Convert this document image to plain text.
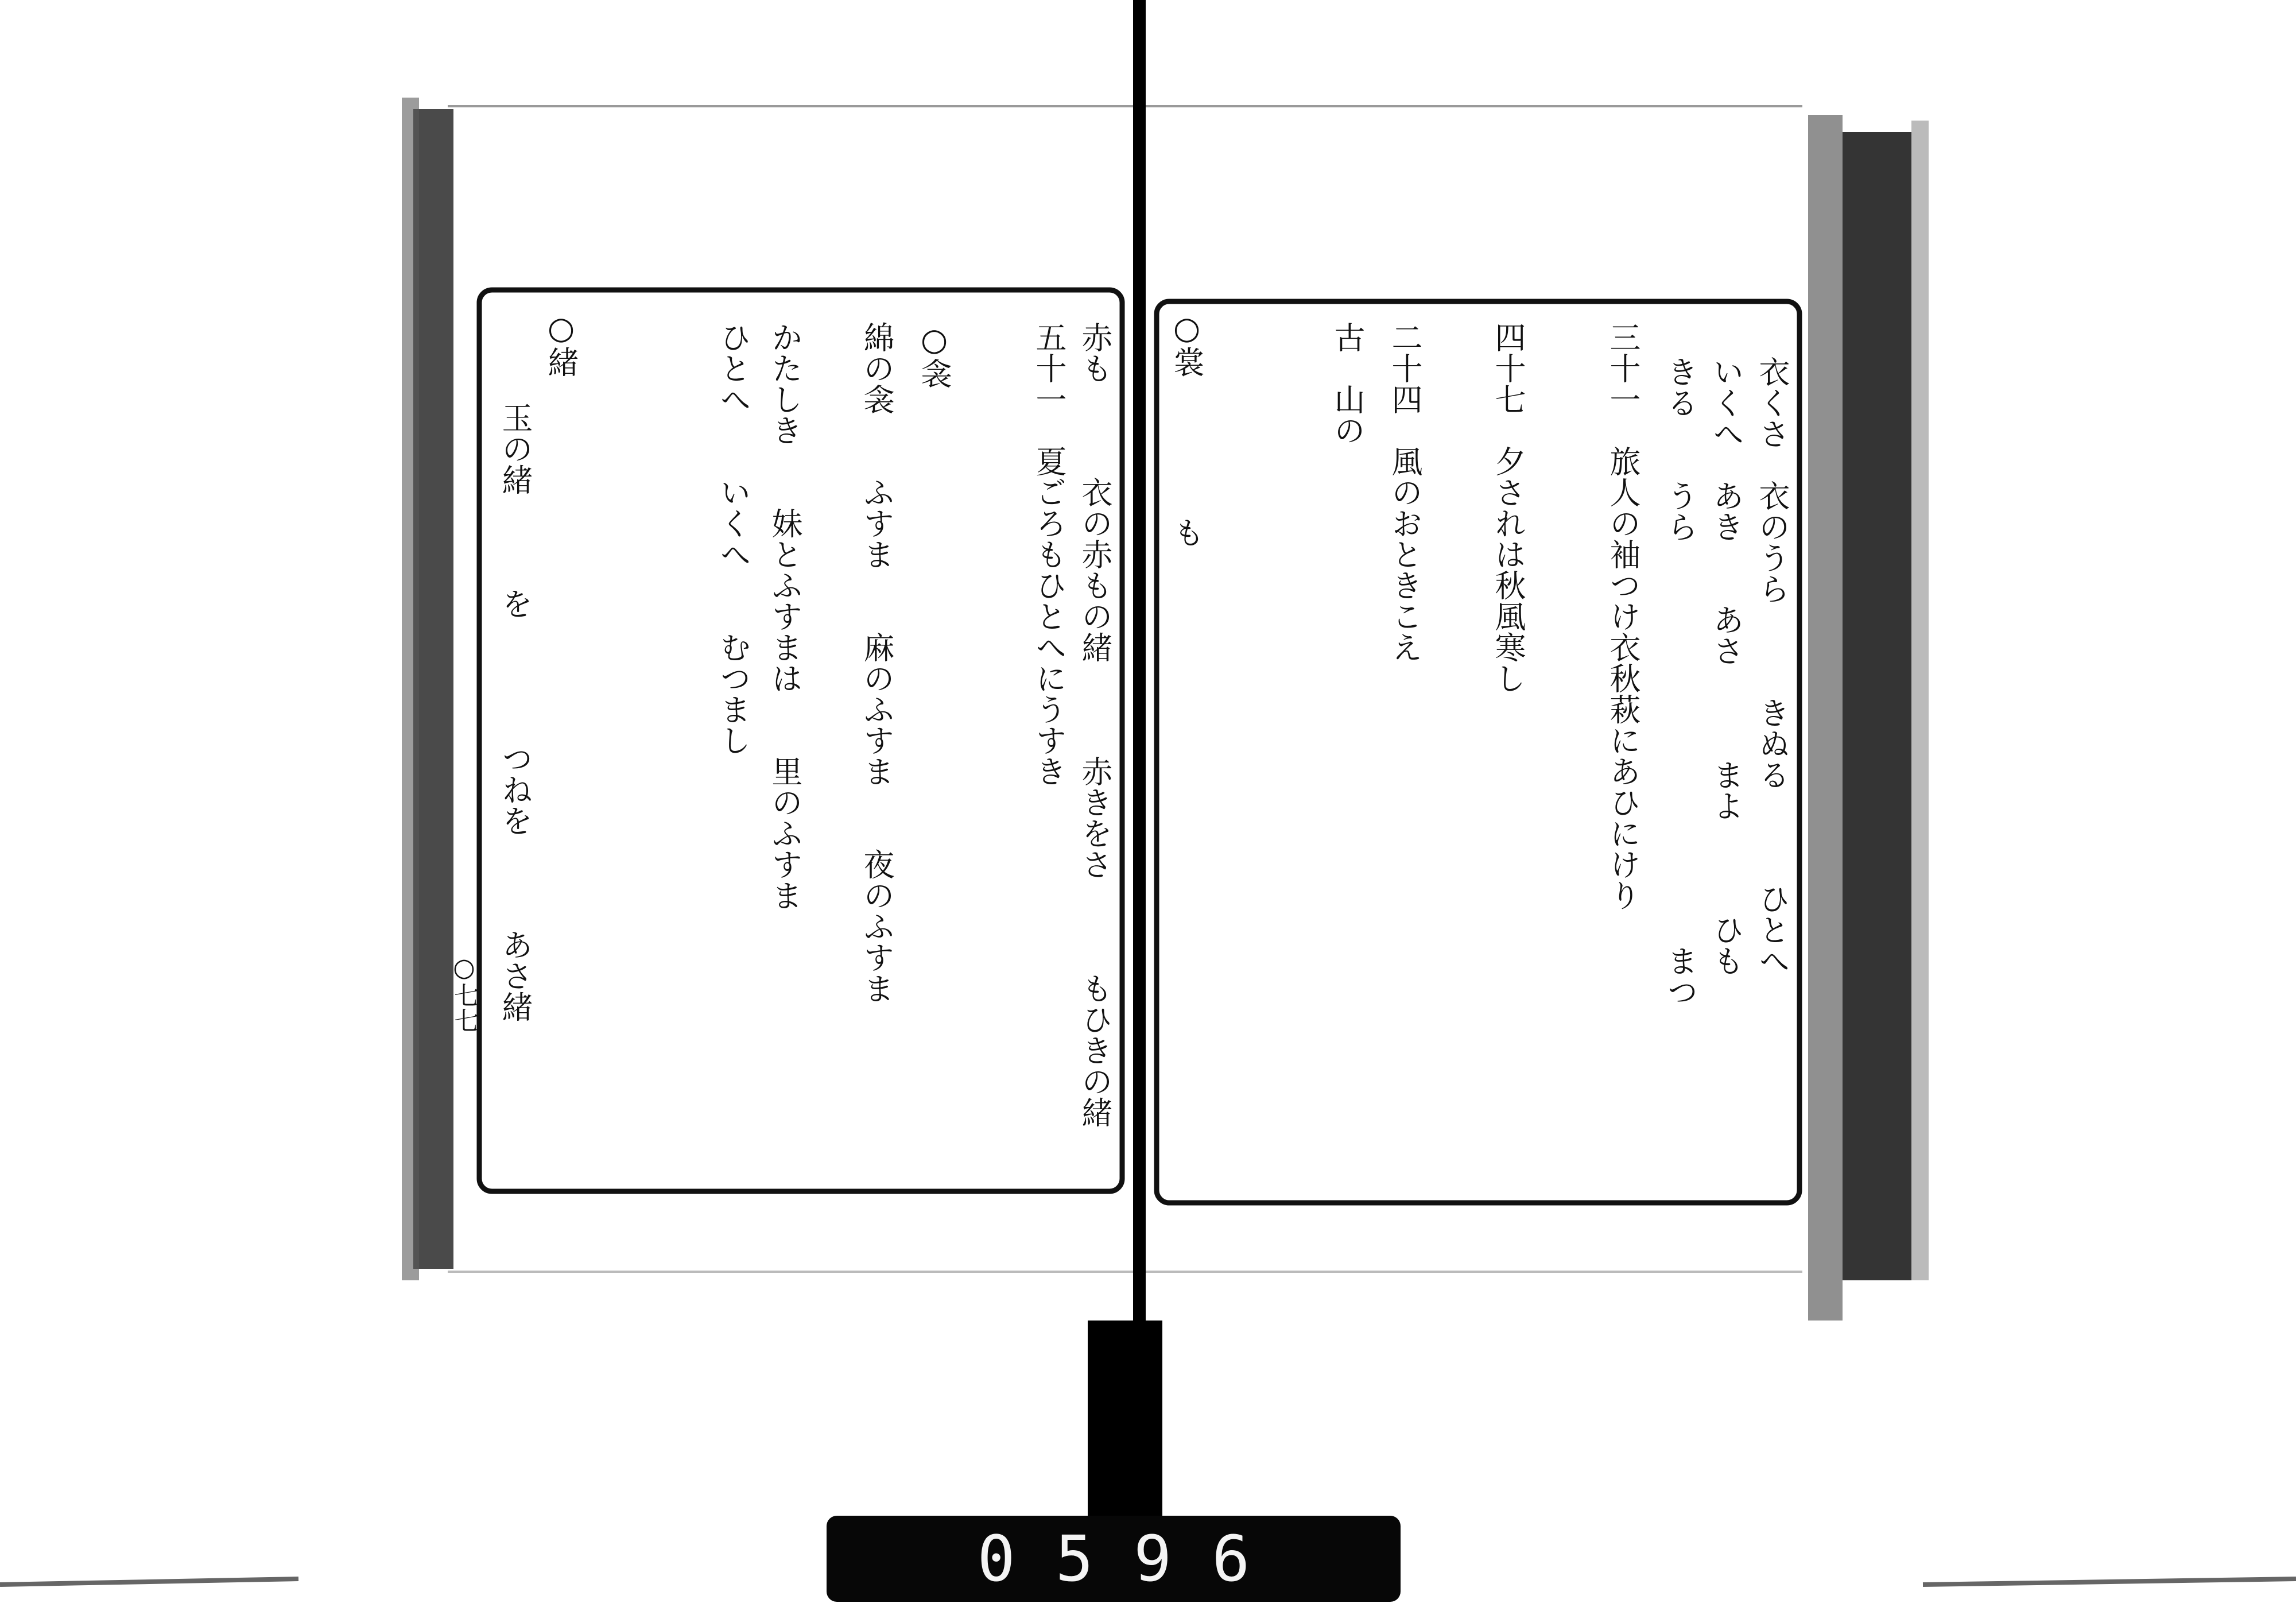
赤も　　　衣の赤もの緒　　　赤きをさ　　　もひきの緒
五十一　夏ごろもひとへにうすき
○衾
綿の衾　　ふすま　　麻のふすま　　夜のふすま
かたしき　　妹とふすまは　　里のふすま
ひとへ　　いくへ　　むつまし
○緒
玉の緒　　　を　　　　つねを　　　あさ緒
○七七
衣くさ　衣のうら　　　きぬる　　　ひとへ
いくへ　あき　　あさ　　　まよ　　　ひも
きる　　うら　　　　　　　　　　　　　まつ
三十一　旅人の袖つけ衣秋萩にあひにけり
四十七　夕されは秋風寒し
二十四　風のおときこえ
古　山の
○裳
も
0596
